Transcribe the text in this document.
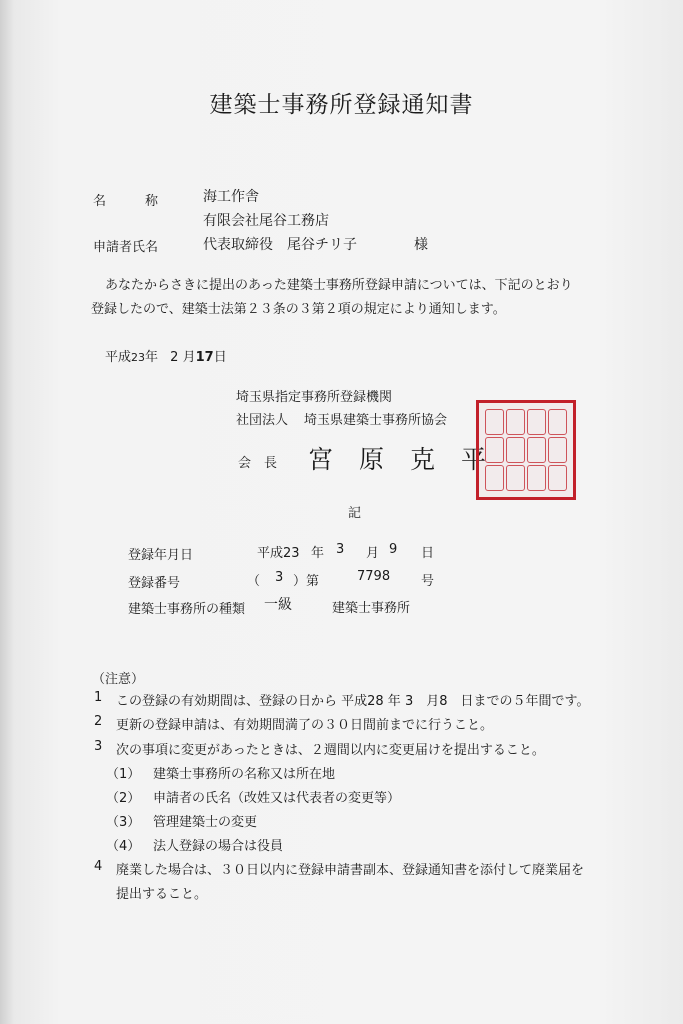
建築士事務所登録通知書
名　　　称	海工作舎
有限会社尾谷工務店
申請者氏名	代表取締役　尾谷チリ子	様
あなたからさきに提出のあった建築士事務所登録申請については、下記のとおり
登録したので、建築士法第２３条の３第２項の規定により通知します。
平成23年 2 月17日
埼玉県指定事務所登録機関
社団法人 埼玉県建築士事務所協会
会　長 宮原克平
記
登録年月日	平成23 年 3 月 9 日
登録番号	（ 3 ）第	7798 号
建築士事務所の種類 一級	建築士事務所
（注意）
1 この登録の有効期間は、登録の日から 平成28 年 3　月8　日までの５年間です。
2 更新の登録申請は、有効期間満了の３０日間前までに行うこと。
3 次の事項に変更があったときは、２週間以内に変更届けを提出すること。
（1） 建築士事務所の名称又は所在地
（2） 申請者の氏名（改姓又は代表者の変更等）
（3） 管理建築士の変更
（4） 法人登録の場合は役員
4 廃業した場合は、３０日以内に登録申請書副本、登録通知書を添付して廃業届を
提出すること。
